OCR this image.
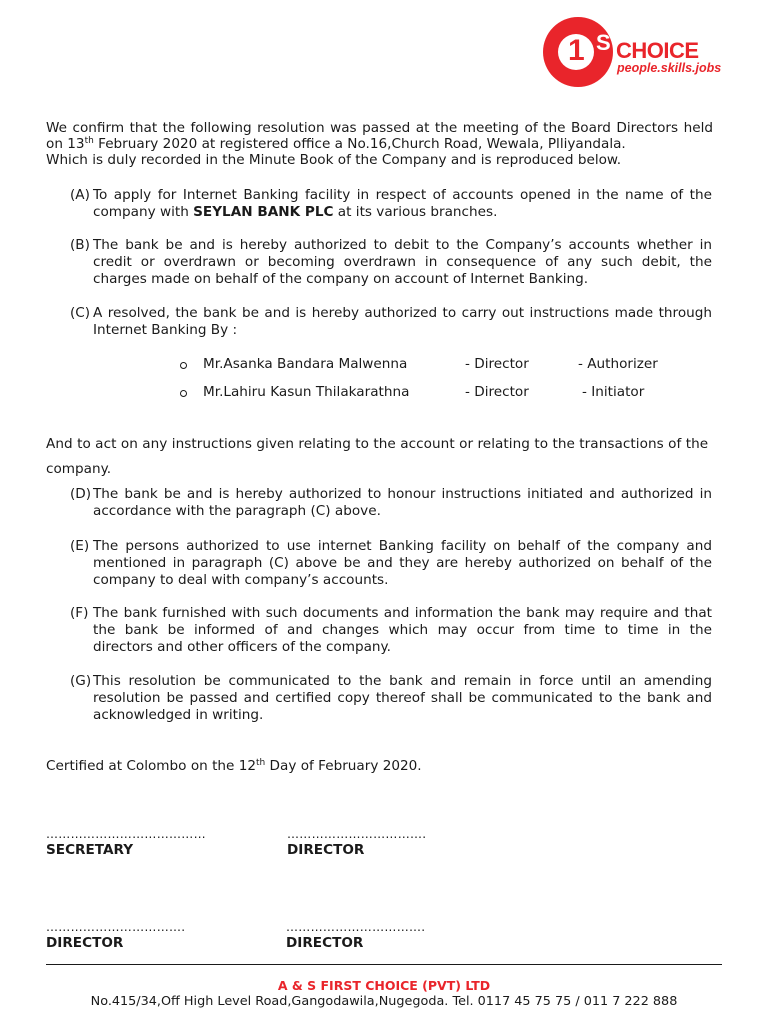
1 ST
CHOICE
people.skills.jobs
We confirm that the following resolution was passed at the meeting of the Board Directors held
on 13th February 2020 at registered office a No.16,Church Road, Wewala, Plliyandala.
Which is duly recorded in the Minute Book of the Company and is reproduced below.
(A) To apply for Internet Banking facility in respect of accounts opened in the name of the
company with SEYLAN BANK PLC at its various branches.
(B) The bank be and is hereby authorized to debit to the Company’s accounts whether in
credit or overdrawn or becoming overdrawn in consequence of any such debit, the
charges made on behalf of the company on account of Internet Banking.
(C) A resolved, the bank be and is hereby authorized to carry out instructions made through
Internet Banking By :
Mr.Asanka Bandara Malwenna	- Director	- Authorizer
Mr.Lahiru Kasun Thilakarathna	- Director	- Initiator
And to act on any instructions given relating to the account or relating to the transactions of the
company.
(D) The bank be and is hereby authorized to honour instructions initiated and authorized in
accordance with the paragraph (C) above.
(E) The persons authorized to use internet Banking facility on behalf of the company and
mentioned in paragraph (C) above be and they are hereby authorized on behalf of the
company to deal with company’s accounts.
(F) The bank furnished with such documents and information the bank may require and that
the bank be informed of and changes which may occur from time to time in the
directors and other officers of the company.
(G) This resolution be communicated to the bank and remain in force until an amending
resolution be passed and certified copy thereof shall be communicated to the bank and
acknowledged in writing.
Certified at Colombo on the 12th Day of February 2020.
…………………………………
SECRETARY
…………………………….
DIRECTOR
…………………………….
DIRECTOR
…………………………….
DIRECTOR
A & S FIRST CHOICE (PVT) LTD
No.415/34,Off High Level Road,Gangodawila,Nugegoda. Tel. 0117 45 75 75 / 011 7 222 888
